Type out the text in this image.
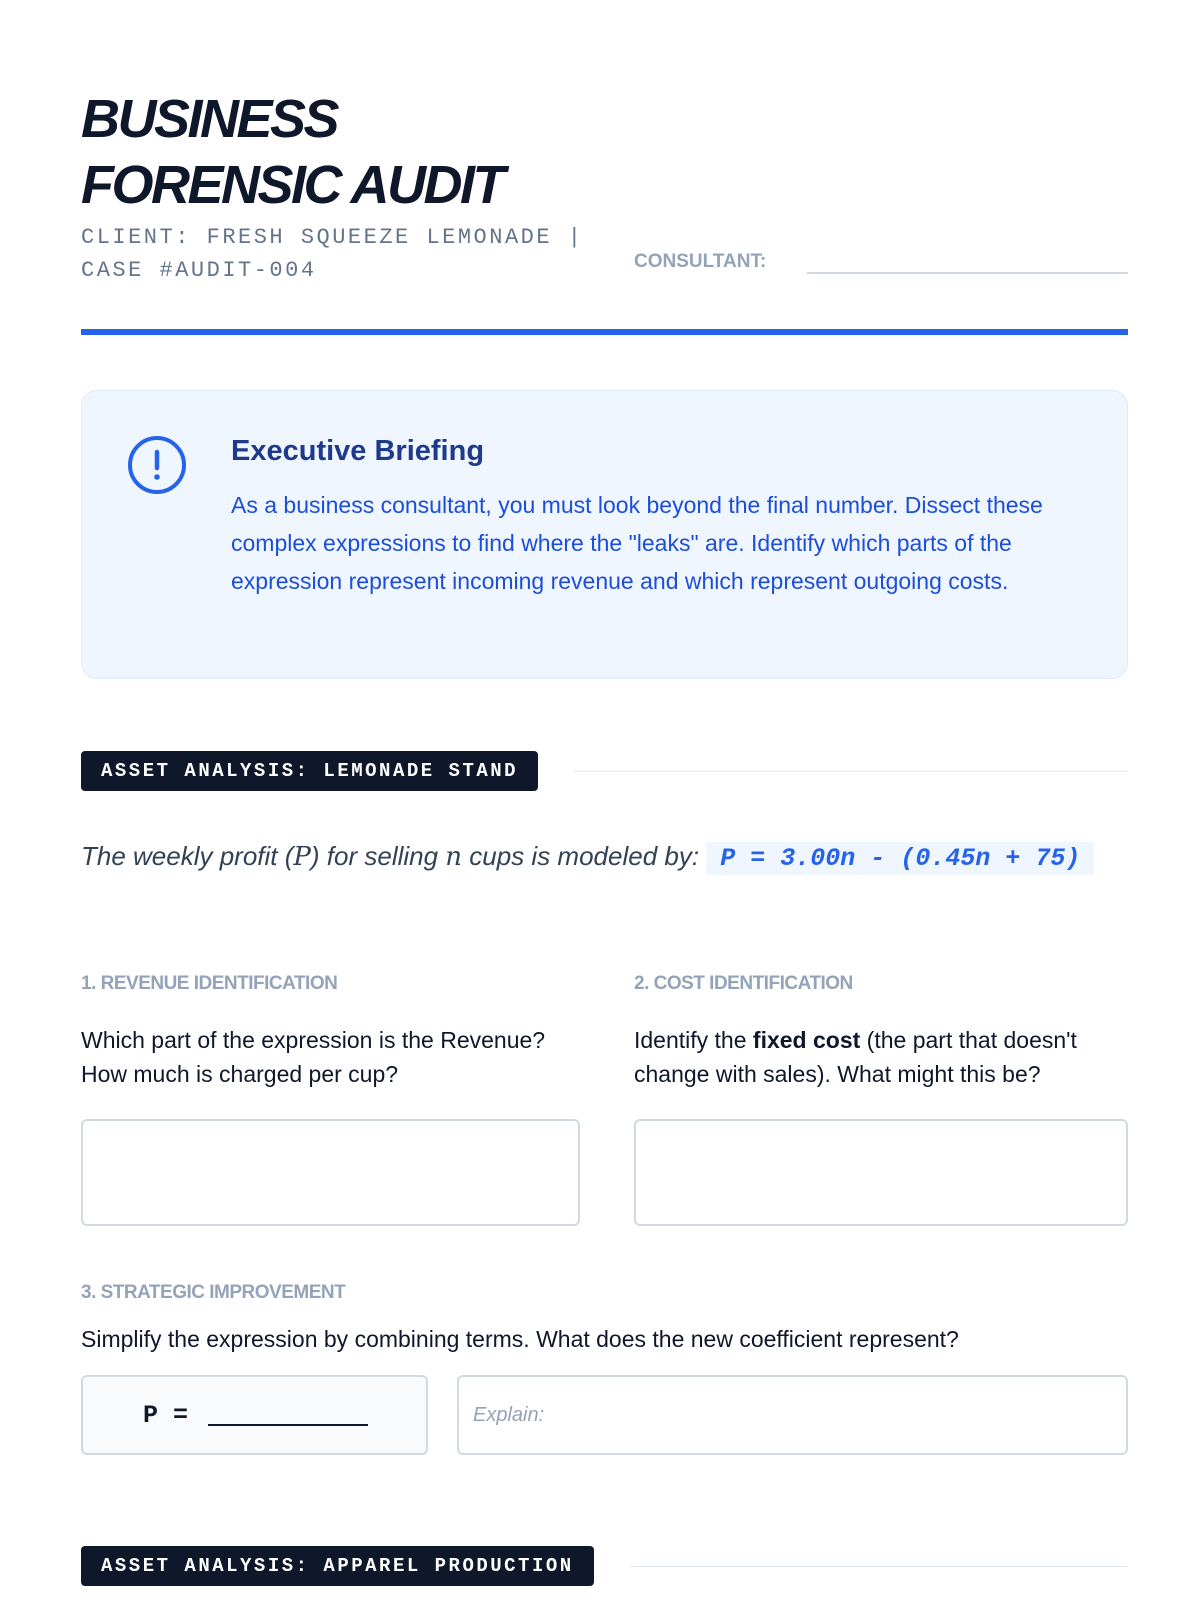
BUSINESS
FORENSIC AUDIT
CLIENT: FRESH SQUEEZE LEMONADE |
CASE #AUDIT-004	CONSULTANT:
Executive Briefing
As a business consultant, you must look beyond the final number. Dissect these complex expressions to find where the "leaks" are. Identify which parts of the expression represent incoming revenue and which represent outgoing costs.
ASSET ANALYSIS: LEMONADE STAND
The weekly profit (P) for selling n cups is modeled by: P = 3.00n - (0.45n + 75)
1. REVENUE IDENTIFICATION
Which part of the expression is the Revenue? How much is charged per cup?
2. COST IDENTIFICATION
Identify the fixed cost (the part that doesn't change with sales). What might this be?
3. STRATEGIC IMPROVEMENT
Simplify the expression by combining terms. What does the new coefficient represent?
P =
Explain:
ASSET ANALYSIS: APPAREL PRODUCTION
